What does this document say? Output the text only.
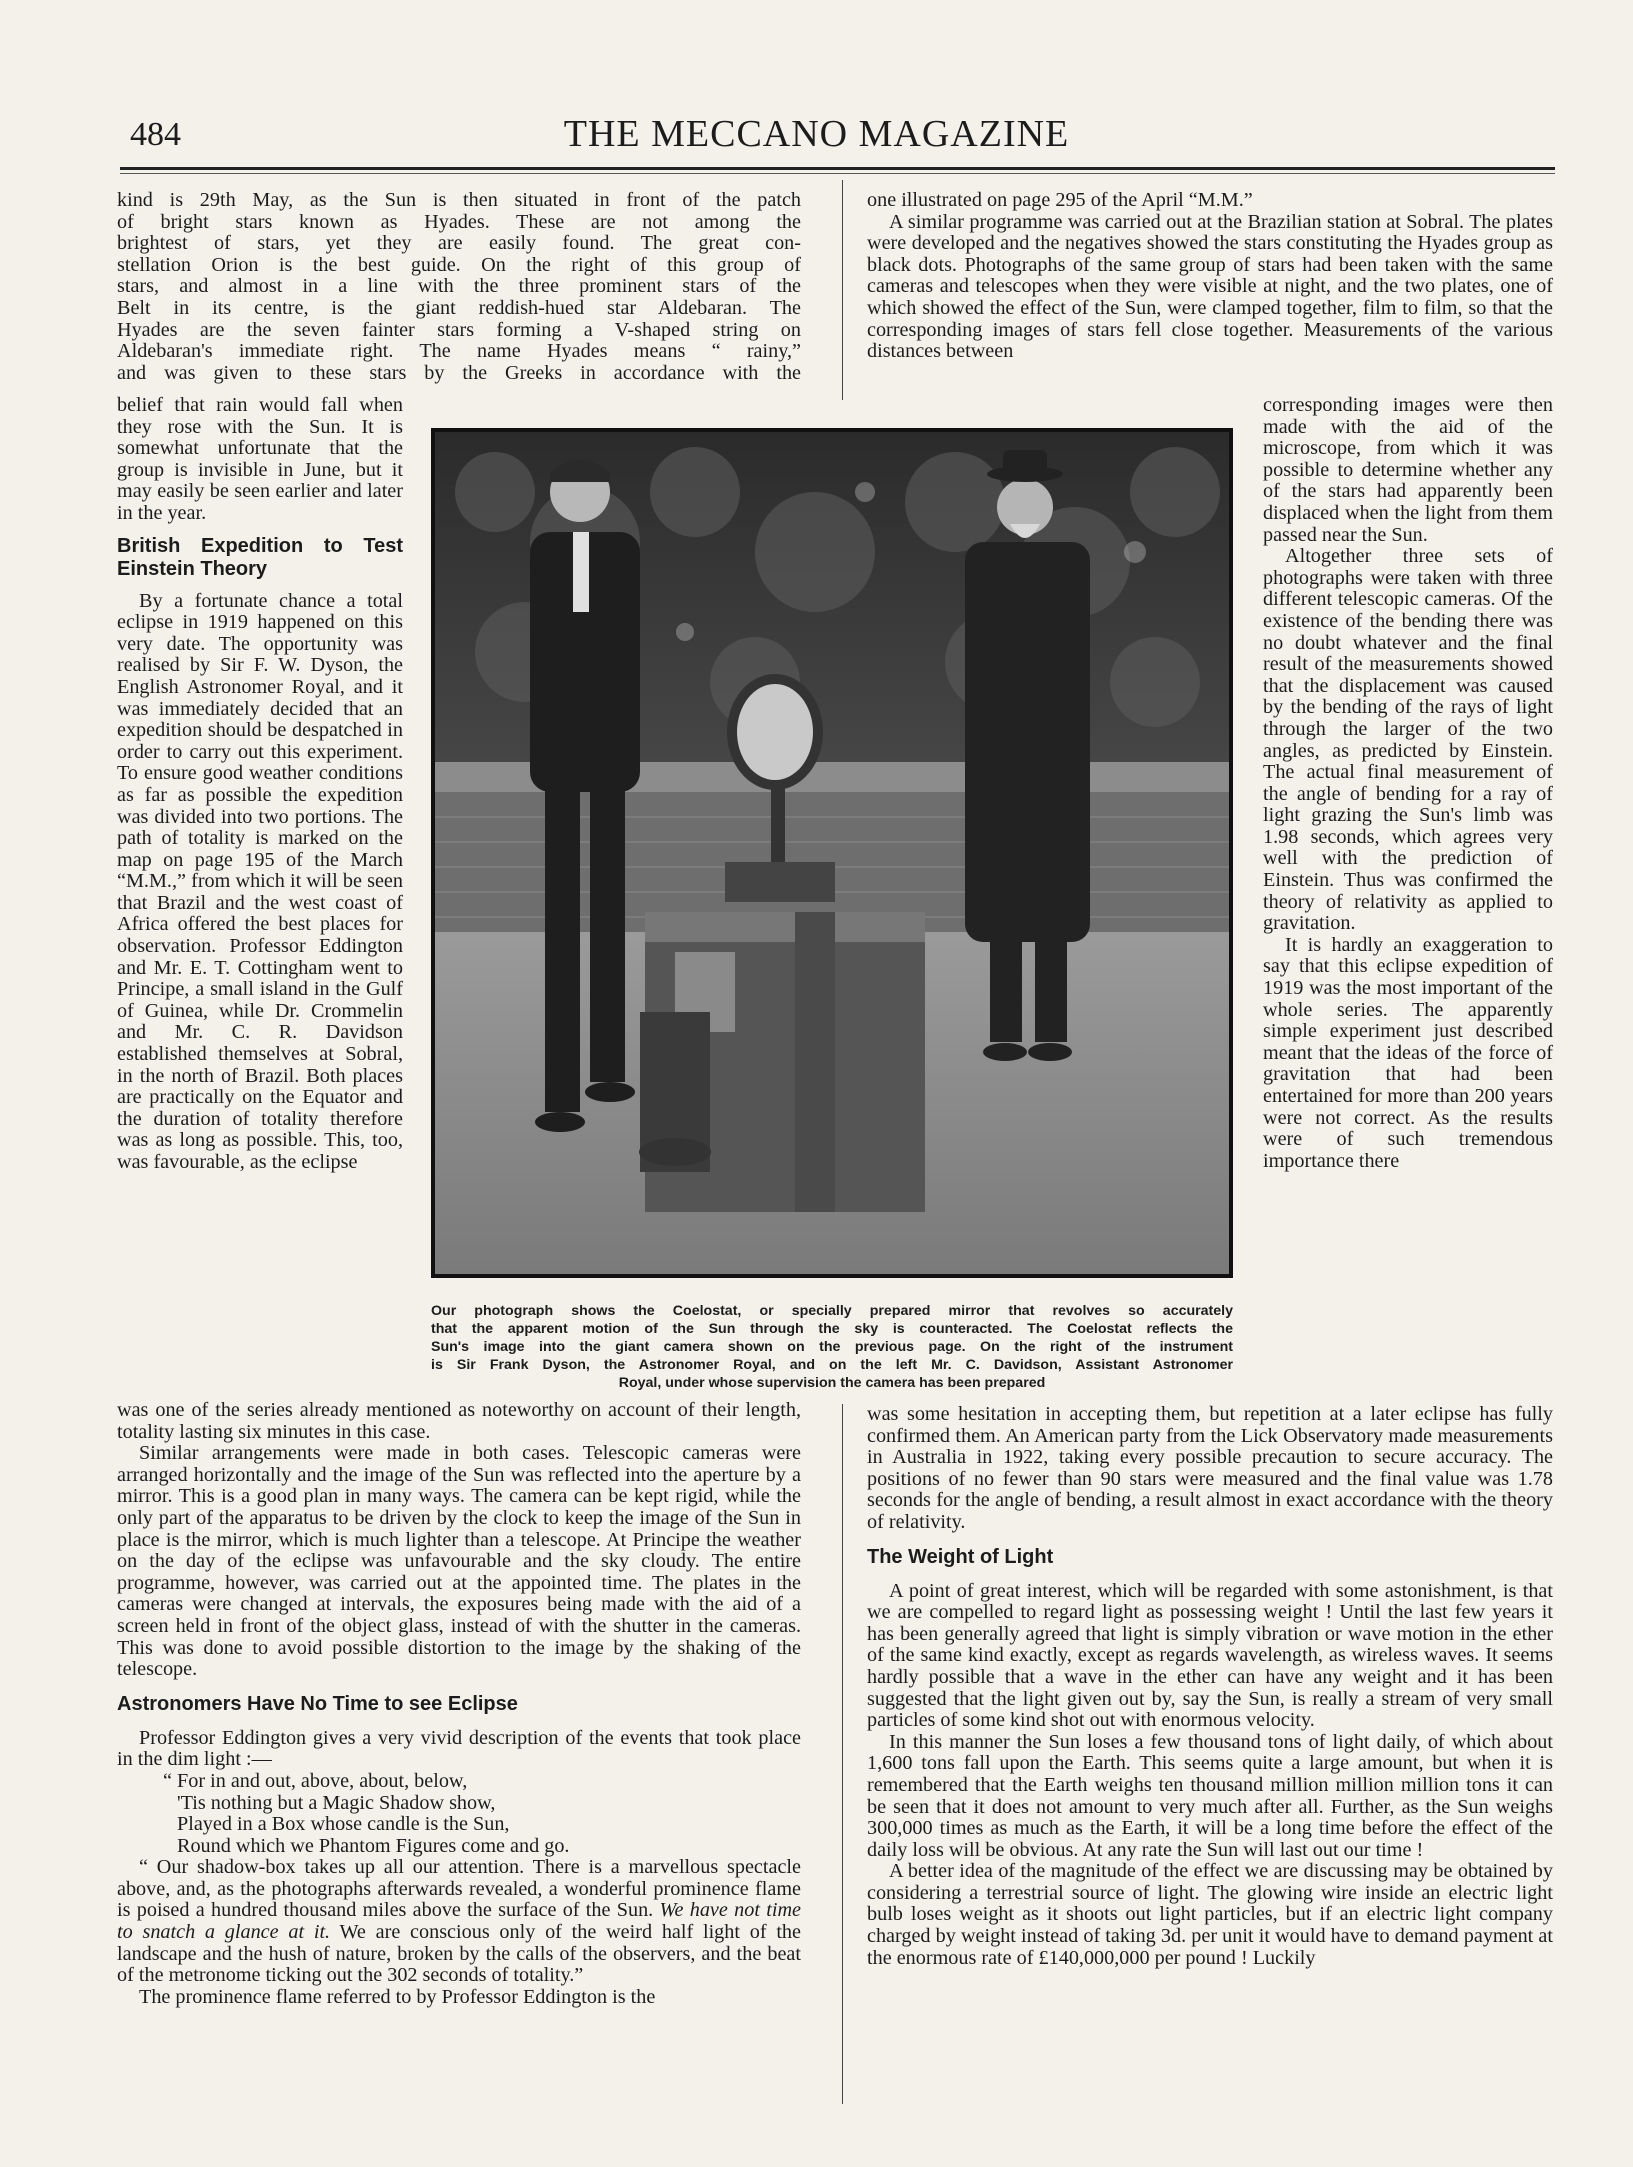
484	THE MECCANO MAGAZINE
kind is 29th May, as the Sun is then situated in front of the patch
of bright stars known as Hyades. These are not among the
brightest of stars, yet they are easily found. The great con-
stellation Orion is the best guide. On the right of this group of
stars, and almost in a line with the three prominent stars of the
Belt in its centre, is the giant reddish-hued star Aldebaran. The
Hyades are the seven fainter stars forming a V-shaped string on
Aldebaran's immediate right. The name Hyades means “ rainy,”
and was given to these stars by the Greeks in accordance with the

belief that rain would fall when they rose with the Sun. It is somewhat unfortunate that the group is invisible in June, but it may easily be seen earlier and later in the year.

British Expedition to Test Einstein Theory

By a fortunate chance a total eclipse in 1919 happened on this very date. The opportunity was realised by Sir F. W. Dyson, the English Astronomer Royal, and it was immediately decided that an expedition should be despatched in order to carry out this experiment. To ensure good weather conditions as far as possible the expedition was divided into two portions. The path of totality is marked on the map on page 195 of the March “M.M.,” from which it will be seen that Brazil and the west coast of Africa offered the best places for observation. Professor Eddington and Mr. E. T. Cottingham went to Principe, a small island in the Gulf of Guinea, while Dr. Crommelin and Mr. C. R. Davidson established themselves at Sobral, in the north of Brazil. Both places are practically on the Equator and the duration of totality therefore was as long as possible. This, too, was favourable, as the eclipse

Our photograph shows the Coelostat, or specially prepared mirror that revolves so accurately
that the apparent motion of the Sun through the sky is counteracted. The Coelostat reflects the
Sun's image into the giant camera shown on the previous page. On the right of the instrument
is Sir Frank Dyson, the Astronomer Royal, and on the left Mr. C. Davidson, Assistant Astronomer
Royal, under whose supervision the camera has been prepared

was one of the series already mentioned as noteworthy on account of their length, totality lasting six minutes in this case.

Similar arrangements were made in both cases. Telescopic cameras were arranged horizontally and the image of the Sun was reflected into the aperture by a mirror. This is a good plan in many ways. The camera can be kept rigid, while the only part of the apparatus to be driven by the clock to keep the image of the Sun in place is the mirror, which is much lighter than a telescope. At Principe the weather on the day of the eclipse was unfavourable and the sky cloudy. The entire programme, however, was carried out at the appointed time. The plates in the cameras were changed at intervals, the exposures being made with the aid of a screen held in front of the object glass, instead of with the shutter in the cameras. This was done to avoid possible distortion to the image by the shaking of the telescope.

Astronomers Have No Time to see Eclipse

Professor Eddington gives a very vivid description of the events that took place in the dim light :—

“ For in and out, above, about, below,
'Tis nothing but a Magic Shadow show,
Played in a Box whose candle is the Sun,
Round which we Phantom Figures come and go.

“ Our shadow-box takes up all our attention. There is a marvellous spectacle above, and, as the photographs afterwards revealed, a wonderful prominence flame is poised a hundred thousand miles above the surface of the Sun. We have not time to snatch a glance at it. We are conscious only of the weird half light of the landscape and the hush of nature, broken by the calls of the observers, and the beat of the metronome ticking out the 302 seconds of totality.”

The prominence flame referred to by Professor Eddington is the

one illustrated on page 295 of the April “M.M.”

A similar programme was carried out at the Brazilian station at Sobral. The plates were developed and the negatives showed the stars constituting the Hyades group as black dots. Photographs of the same group of stars had been taken with the same cameras and telescopes when they were visible at night, and the two plates, one of which showed the effect of the Sun, were clamped together, film to film, so that the corresponding images of stars fell close together. Measurements of the various distances between

corresponding images were then made with the aid of the microscope, from which it was possible to determine whether any of the stars had apparently been displaced when the light from them passed near the Sun.

Altogether three sets of photographs were taken with three different telescopic cameras. Of the existence of the bending there was no doubt whatever and the final result of the measurements showed that the displacement was caused by the bending of the rays of light through the larger of the two angles, as predicted by Einstein. The actual final measurement of the angle of bending for a ray of light grazing the Sun's limb was 1.98 seconds, which agrees very well with the prediction of Einstein. Thus was confirmed the theory of relativity as applied to gravitation.

It is hardly an exaggeration to say that this eclipse expedition of 1919 was the most important of the whole series. The apparently simple experiment just described meant that the ideas of the force of gravitation that had been entertained for more than 200 years were not correct. As the results were of such tremendous importance there

was some hesitation in accepting them, but repetition at a later eclipse has fully confirmed them. An American party from the Lick Observatory made measurements in Australia in 1922, taking every possible precaution to secure accuracy. The positions of no fewer than 90 stars were measured and the final value was 1.78 seconds for the angle of bending, a result almost in exact accordance with the theory of relativity.

The Weight of Light

A point of great interest, which will be regarded with some astonishment, is that we are compelled to regard light as possessing weight ! Until the last few years it has been generally agreed that light is simply vibration or wave motion in the ether of the same kind exactly, except as regards wavelength, as wireless waves. It seems hardly possible that a wave in the ether can have any weight and it has been suggested that the light given out by, say the Sun, is really a stream of very small particles of some kind shot out with enormous velocity.

In this manner the Sun loses a few thousand tons of light daily, of which about 1,600 tons fall upon the Earth. This seems quite a large amount, but when it is remembered that the Earth weighs ten thousand million million million tons it can be seen that it does not amount to very much after all. Further, as the Sun weighs 300,000 times as much as the Earth, it will be a long time before the effect of the daily loss will be obvious. At any rate the Sun will last out our time !

A better idea of the magnitude of the effect we are discussing may be obtained by considering a terrestrial source of light. The glowing wire inside an electric light bulb loses weight as it shoots out light particles, but if an electric light company charged by weight instead of taking 3d. per unit it would have to demand payment at the enormous rate of £140,000,000 per pound ! Luckily
